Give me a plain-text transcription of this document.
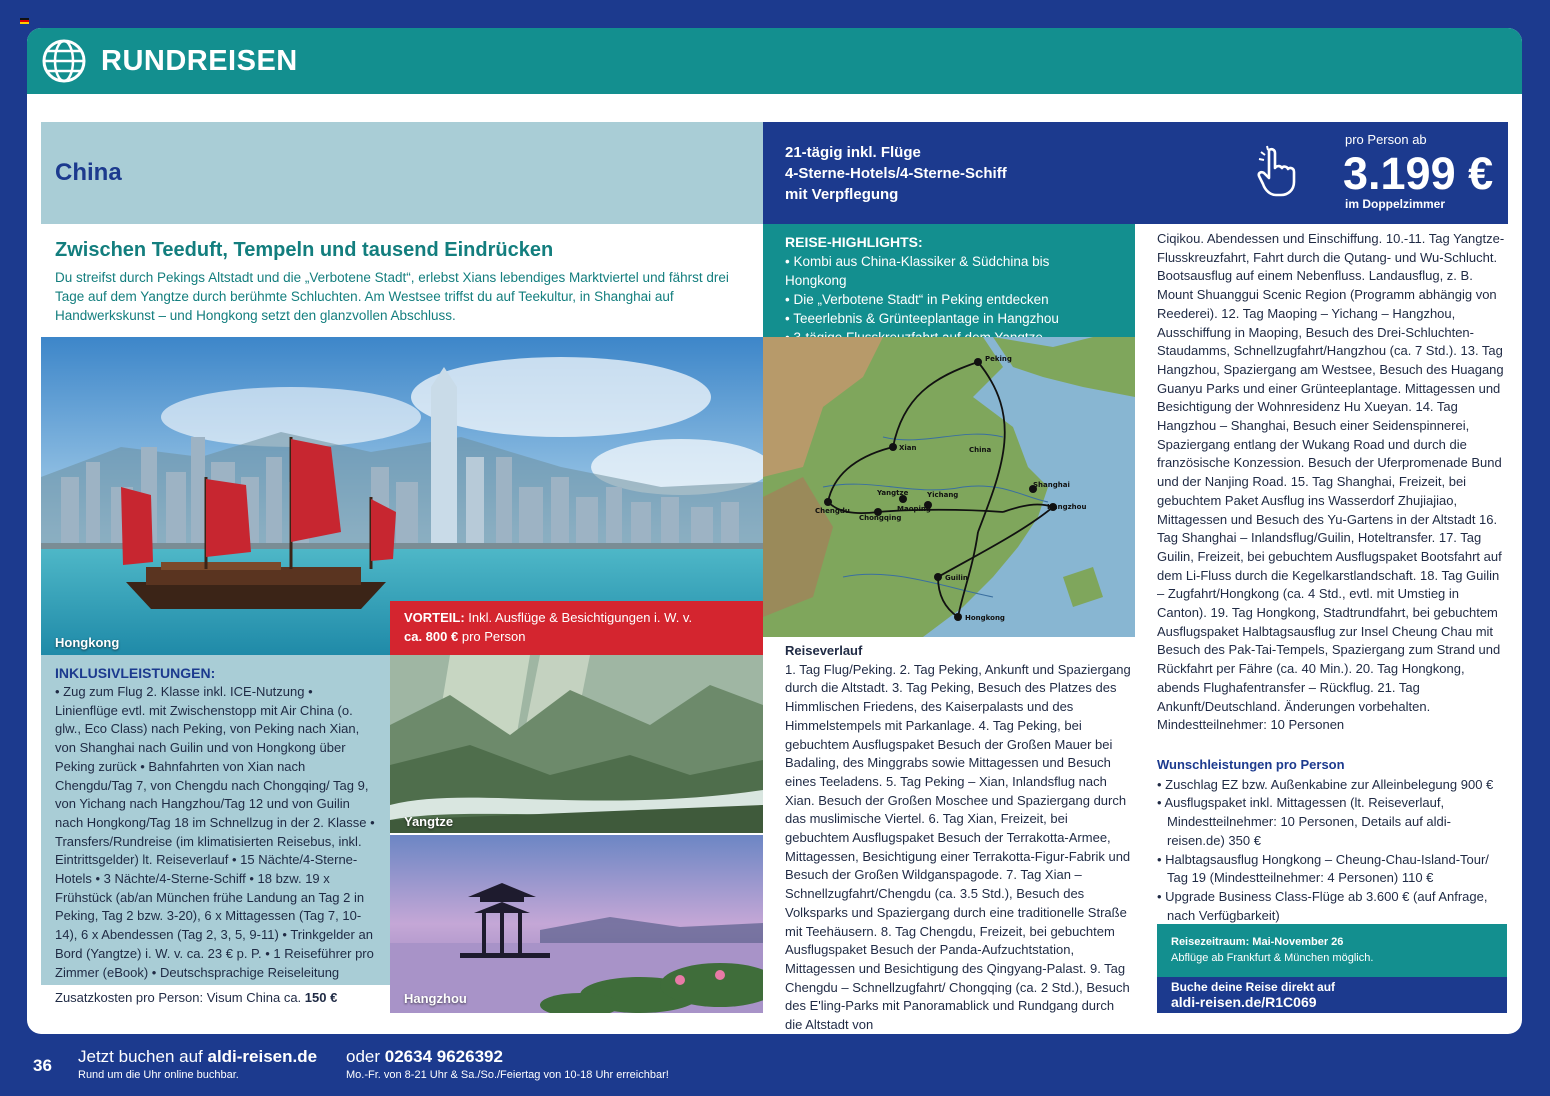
RUNDREISEN
China
21-tägig inkl. Flüge
4-Sterne-Hotels/4-Sterne-Schiff
mit Verpflegung
pro Person ab
3.199 €
im Doppelzimmer
Zwischen Teeduft, Tempeln und tausend Eindrücken
Du streifst durch Pekings Altstadt und die „Verbotene Stadt“, erlebst Xians lebendiges Marktviertel und fährst drei Tage auf dem Yangtze durch berühmte Schluchten. Am Westsee triffst du auf Teekultur, in Shanghai auf Handwerkskunst – und Hongkong setzt den glanzvollen Abschluss.
REISE-HIGHLIGHTS:
• Kombi aus China-Klassiker & Südchina bis Hongkong
• Die „Verbotene Stadt“ in Peking entdecken
• Teeerlebnis & Grünteeplantage in Hangzhou
Hongkong
VORTEIL: Inkl. Ausflüge & Besichtigungen i. W. v.
ca. 800 € pro Person
INKLUSIVLEISTUNGEN:
• Zug zum Flug 2. Klasse inkl. ICE-Nutzung • Linienflüge evtl. mit Zwischenstopp mit Air China (o. glw., Eco Class) nach Peking, von Peking nach Xian, von Shanghai nach Guilin und von Hongkong über Peking zurück • Bahnfahrten von Xian nach Chengdu/Tag 7, von Chengdu nach Chongqing/ Tag 9, von Yichang nach Hangzhou/Tag 12 und von Guilin nach Hongkong/Tag 18 im Schnellzug in der 2. Klasse • Transfers/Rundreise (im klimatisierten Reisebus, inkl. Eintrittsgelder) lt. Reiseverlauf • 15 Nächte/4-Sterne-Hotels • 3 Nächte/4-Sterne-Schiff • 18 bzw. 19 x Frühstück (ab/an München frühe Landung an Tag 2 in Peking, Tag 2 bzw. 3-20), 6 x Mittagessen (Tag 7, 10-14), 6 x Abendessen (Tag 2, 3, 5, 9-11) • Trinkgelder an Bord (Yangtze) i. W. v. ca. 23 € p. P. • 1 Reiseführer pro Zimmer (eBook) • Deutschsprachige Reiseleitung
Zusatzkosten pro Person: Visum China ca. 150 €
Yangtze
Hangzhou
Peking
Xian	China
Chengdu
Chongqing
Yangtze	Yichang
Maoping
Shanghai
Hangzhou
Guilin
Hongkong
Reiseverlauf
1. Tag Flug/Peking. 2. Tag Peking, Ankunft und Spaziergang durch die Altstadt. 3. Tag Peking, Besuch des Platzes des Himmlischen Friedens, des Kaiserpalasts und des Himmelstempels mit Parkanlage. 4. Tag Peking, bei gebuchtem Ausflugspaket Besuch der Großen Mauer bei Badaling, des Minggrabs sowie Mittagessen und Besuch eines Teeladens. 5. Tag Peking – Xian, Inlandsflug nach Xian. Besuch der Großen Moschee und Spaziergang durch das muslimische Viertel. 6. Tag Xian, Freizeit, bei gebuchtem Ausflugspaket Besuch der Terrakotta-Armee, Mittagessen, Besichtigung einer Terrakotta-Figur-Fabrik und Besuch der Großen Wildganspagode. 7. Tag Xian – Schnellzugfahrt/Chengdu (ca. 3.5 Std.), Besuch des Volksparks und Spaziergang durch eine traditionelle Straße mit Teehäusern. 8. Tag Chengdu, Freizeit, bei gebuchtem Ausflugspaket Besuch der Panda-Aufzuchtstation, Mittagessen und Besichtigung des Qingyang-Palast. 9. Tag Chengdu – Schnellzugfahrt/ Chongqing (ca. 2 Std.), Besuch des E'ling-Parks mit Panoramablick und Rundgang durch die Altstadt von
Ciqikou. Abendessen und Einschiffung. 10.-11. Tag Yangtze-Flusskreuzfahrt, Fahrt durch die Qutang- und Wu-Schlucht. Bootsausflug auf einem Nebenfluss. Landausflug, z. B. Mount Shuanggui Scenic Region (Programm abhängig von Reederei). 12. Tag Maoping – Yichang – Hangzhou, Ausschiffung in Maoping, Besuch des Drei-Schluchten-Staudamms, Schnellzugfahrt/Hangzhou (ca. 7 Std.). 13. Tag Hangzhou, Spaziergang am Westsee, Besuch des Huagang Guanyu Parks und einer Grünteeplantage. Mittagessen und Besichtigung der Wohnresidenz Hu Xueyan. 14. Tag Hangzhou – Shanghai, Besuch einer Seidenspinnerei, Spaziergang entlang der Wukang Road und durch die französische Konzession. Besuch der Uferpromenade Bund und der Nanjing Road. 15. Tag Shanghai, Freizeit, bei gebuchtem Paket Ausflug ins Wasserdorf Zhujiajiao, Mittagessen und Besuch des Yu-Gartens in der Altstadt 16. Tag Shanghai – Inlandsflug/Guilin, Hoteltransfer. 17. Tag Guilin, Freizeit, bei gebuchtem Ausflugspaket Bootsfahrt auf dem Li-Fluss durch die Kegelkarstlandschaft. 18. Tag Guilin – Zugfahrt/Hongkong (ca. 4 Std., evtl. mit Umstieg in Canton). 19. Tag Hongkong, Stadtrundfahrt, bei gebuchtem Ausflugspaket Halbtagsausflug zur Insel Cheung Chau mit Besuch des Pak-Tai-Tempels, Spaziergang zum Strand und Rückfahrt per Fähre (ca. 40 Min.). 20. Tag Hongkong, abends Flughafentransfer – Rückflug. 21. Tag Ankunft/Deutschland. Änderungen vorbehalten. Mindestteilnehmer: 10 Personen
Wunschleistungen pro Person
• Zuschlag EZ bzw. Außenkabine zur Alleinbelegung 900 €
• Ausflugspaket inkl. Mittagessen (lt. Reiseverlauf, Mindestteilnehmer: 10 Personen, Details auf aldi-reisen.de) 350 €
• Halbtagsausflug Hongkong – Cheung-Chau-Island-Tour/ Tag 19 (Mindestteilnehmer: 4 Personen) 110 €
• Upgrade Business Class-Flüge ab 3.600 € (auf Anfrage, nach Verfügbarkeit)
Reisezeitraum: Mai-November 26
Abflüge ab Frankfurt & München möglich.
Buche deine Reise direkt auf
aldi-reisen.de/R1C069
36 Jetzt buchen auf aldi-reisen.de
Rund um die Uhr online buchbar.
oder 02634 9626392
Mo.-Fr. von 8-21 Uhr & Sa./So./Feiertag von 10-18 Uhr erreichbar!
